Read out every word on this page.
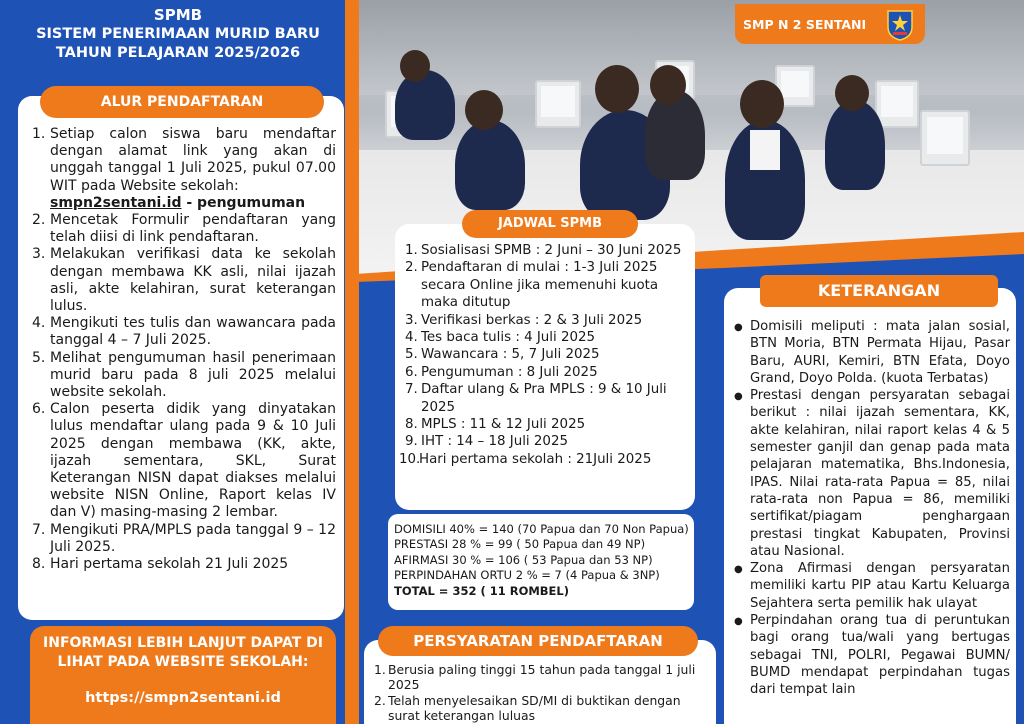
SPMB
SISTEM PENERIMAAN MURID BARU
TAHUN PELAJARAN 2025/2026
1. Setiap calon siswa baru mendaftar dengan alamat link yang akan di unggah tanggal 1 Juli 2025, pukul 07.00 WIT pada Website sekolah:
smpn2sentani.id - pengumuman
2. Mencetak Formulir pendaftaran yang telah diisi di link pendaftaran.
3. Melakukan verifikasi data ke sekolah dengan membawa KK asli, nilai ijazah asli, akte kelahiran, surat keterangan lulus.
4. Mengikuti tes tulis dan wawancara pada tanggal 4 – 7 Juli 2025.
5. Melihat pengumuman hasil penerimaan murid baru pada 8 juli 2025 melalui website sekolah.
6. Calon peserta didik yang dinyatakan lulus mendaftar ulang pada 9 & 10 Juli 2025 dengan membawa (KK, akte, ijazah sementara, SKL, Surat Keterangan NISN dapat diakses melalui website NISN Online, Raport kelas IV dan V) masing-masing 2 lembar.
7. Mengikuti PRA/MPLS pada tanggal 9 – 12 Juli 2025.
8. Hari pertama sekolah 21 Juli 2025
ALUR PENDAFTARAN
INFORMASI LEBIH LANJUT DAPAT DI LIHAT PADA WEBSITE SEKOLAH:
https://smpn2sentani.id
1. Sosialisasi SPMB : 2 Juni – 30 Juni 2025
2. Pendaftaran di mulai : 1-3 Juli 2025 secara Online jika memenuhi kuota maka ditutup
3. Verifikasi berkas : 2 & 3 Juli 2025
4. Tes baca tulis : 4 Juli 2025
5. Wawancara : 5, 7 Juli 2025
6. Pengumuman : 8 Juli 2025
7. Daftar ulang & Pra MPLS : 9 & 10 Juli 2025
8. MPLS : 11 & 12 Juli 2025
9. IHT : 14 – 18 Juli 2025
10.
Hari pertama sekolah : 21Juli 2025
JADWAL SPMB
DOMISILI 40% = 140 (70 Papua dan 70 Non Papua)
PRESTASI 28 % = 99 ( 50 Papua dan 49 NP)
AFIRMASI 30 % = 106 ( 53 Papua dan 53 NP)
PERPINDAHAN ORTU 2 % = 7 (4 Papua & 3NP)
TOTAL = 352 ( 11 ROMBEL)
1. Berusia paling tinggi 15 tahun pada tanggal 1 juli 2025
2. Telah menyelesaikan SD/MI di buktikan dengan surat keterangan luluas
PERSYARATAN PENDAFTARAN
● Domisili meliputi : mata jalan sosial, BTN Moria, BTN Permata Hijau, Pasar Baru, AURI, Kemiri, BTN Efata, Doyo Grand, Doyo Polda. (kuota Terbatas)
● Prestasi dengan persyaratan sebagai berikut : nilai ijazah sementara, KK, akte kelahiran, nilai raport kelas 4 & 5 semester ganjil dan genap pada mata pelajaran matematika, Bhs.Indonesia, IPAS. Nilai rata-rata Papua = 85, nilai rata-rata non Papua = 86, memiliki sertifikat/piagam penghargaan prestasi tingkat Kabupaten, Provinsi atau Nasional.
● Zona Afirmasi dengan persyaratan memiliki kartu PIP atau Kartu Keluarga Sejahtera serta pemilik hak ulayat
● Perpindahan orang tua di peruntukan bagi orang tua/wali yang bertugas sebagai TNI, POLRI, Pegawai BUMN/ BUMD mendapat perpindahan tugas dari tempat lain
KETERANGAN
SMP N 2 SENTANI
